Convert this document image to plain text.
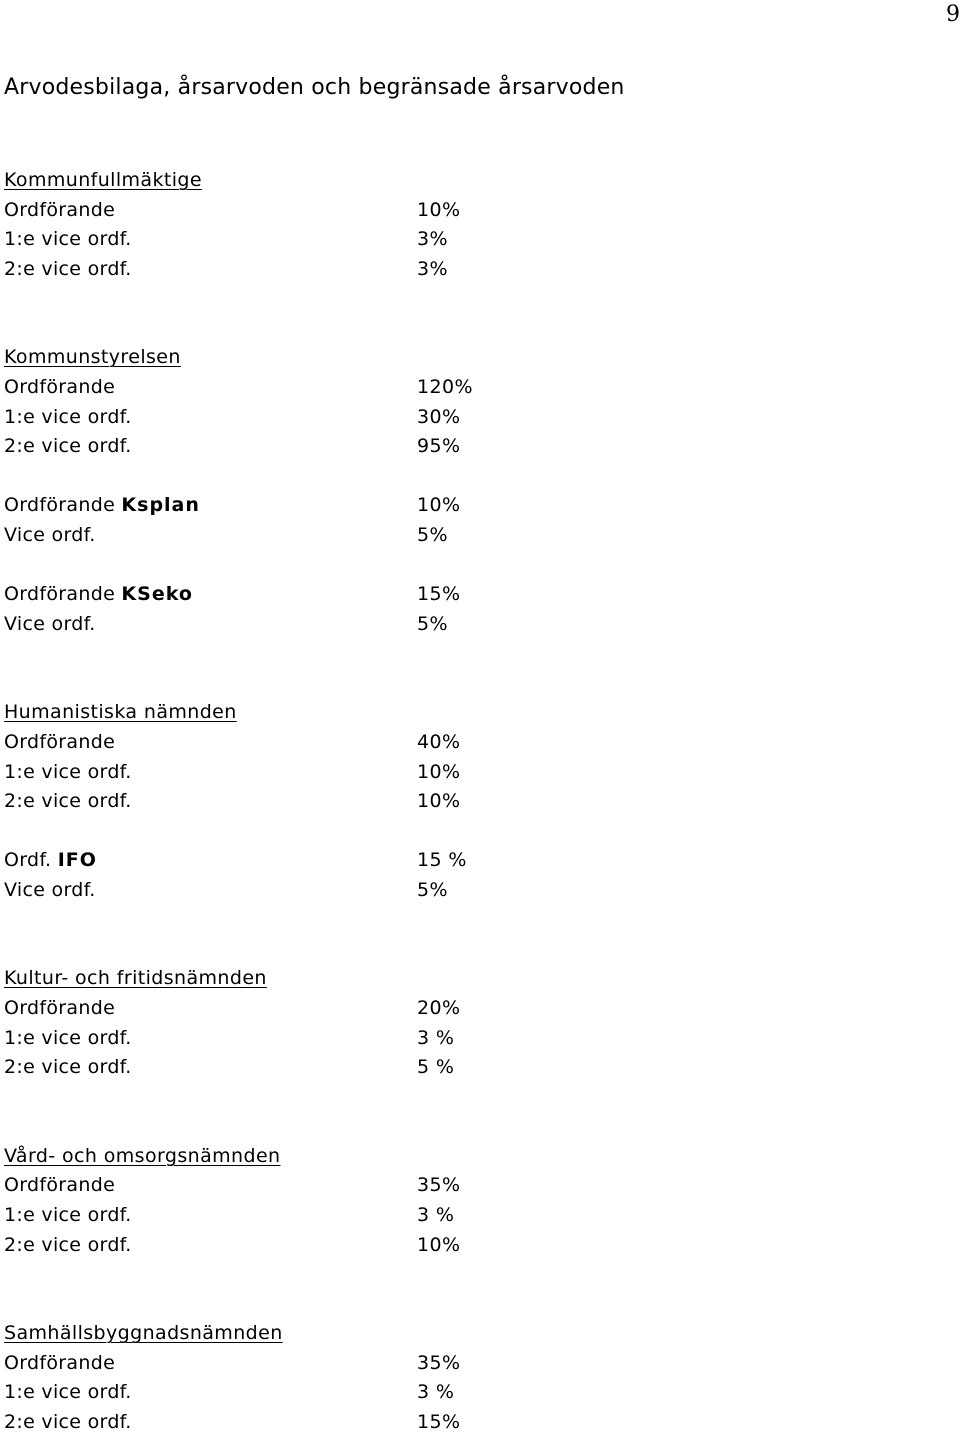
9
Arvodesbilaga, årsarvoden och begränsade årsarvoden
Kommunfullmäktige
Ordförande	10%
1:e vice ordf.	3%
2:e vice ordf.	3%
Kommunstyrelsen
Ordförande	120%
1:e vice ordf.	30%
2:e vice ordf.	95%
Ordförande Ksplan	10%
Vice ordf.	5%
Ordförande KSeko	15%
Vice ordf.	5%
Humanistiska nämnden
Ordförande	40%
1:e vice ordf.	10%
2:e vice ordf.	10%
Ordf. IFO	15 %
Vice ordf.	5%
Kultur- och fritidsnämnden
Ordförande	20%
1:e vice ordf.	3 %
2:e vice ordf.	5 %
Vård- och omsorgsnämnden
Ordförande	35%
1:e vice ordf.	3 %
2:e vice ordf.	10%
Samhällsbyggnadsnämnden
Ordförande	35%
1:e vice ordf.	3 %
2:e vice ordf.	15%
